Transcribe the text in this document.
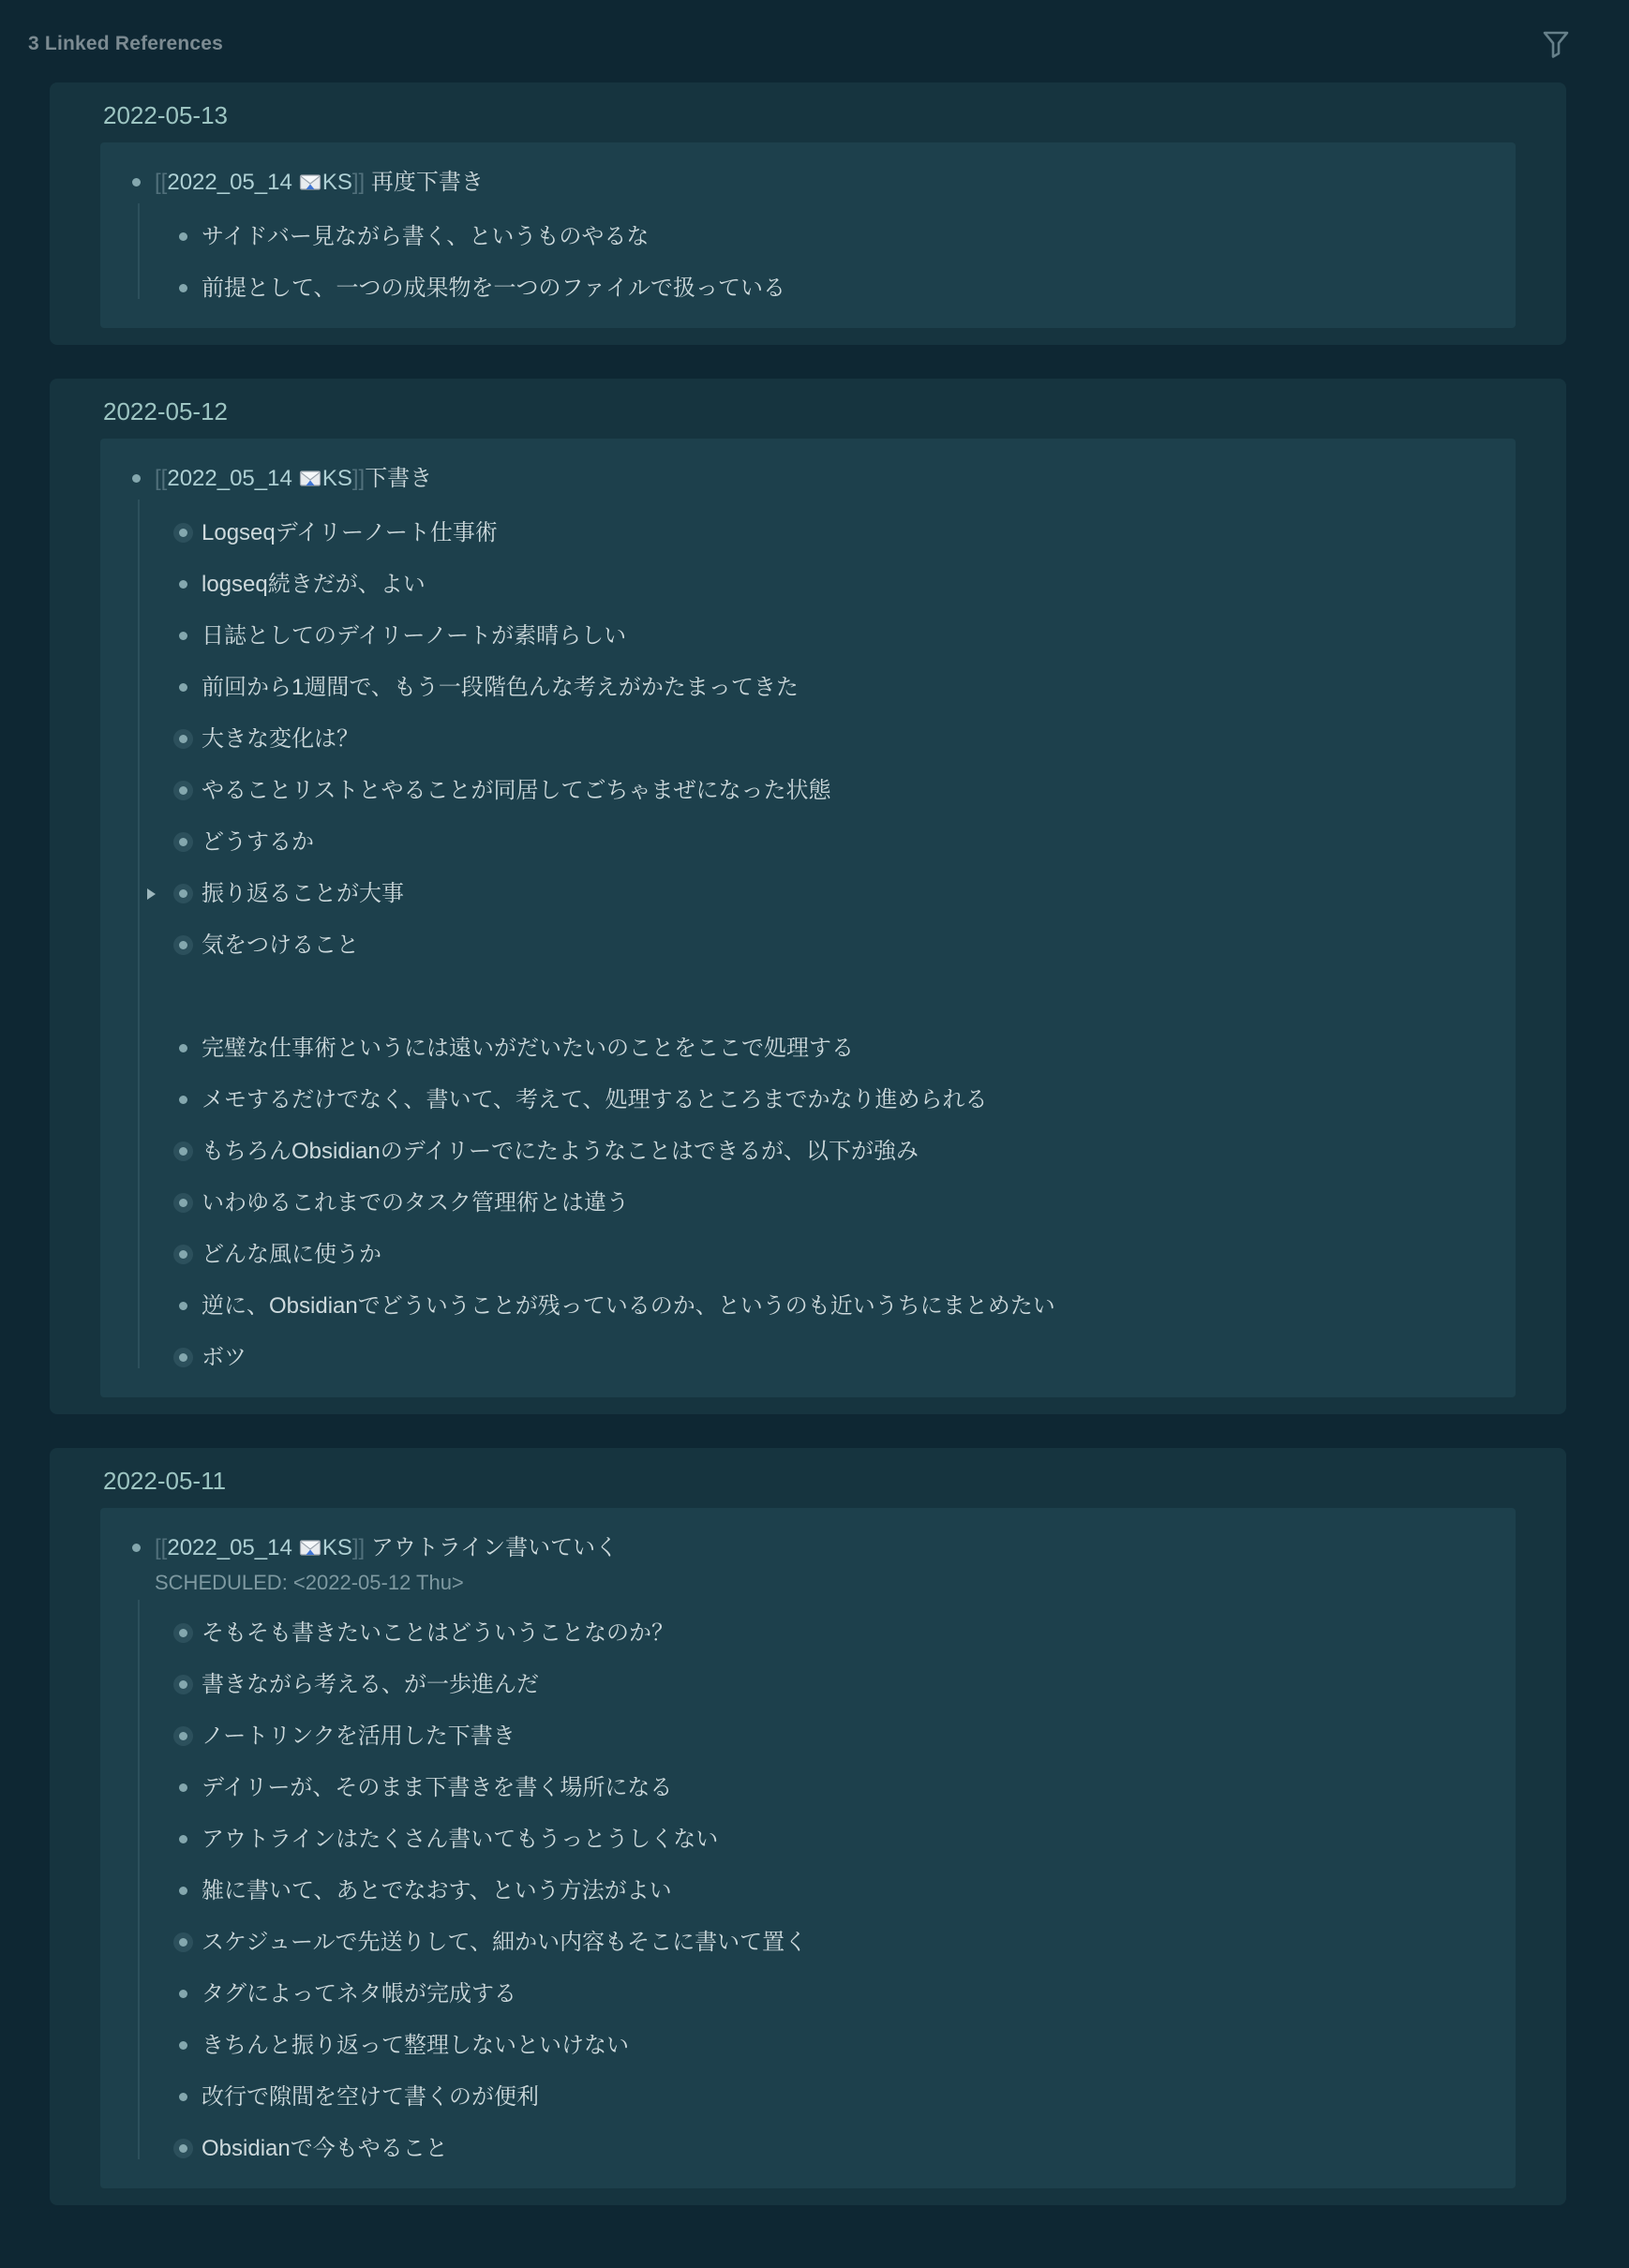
3 Linked References
2022-05-13
[[2022_05_14 KS]] 再度下書き
サイドバー見ながら書く、というものやるな
前提として、一つの成果物を一つのファイルで扱っている
2022-05-12
[[2022_05_14 KS]]下書き
Logseqデイリーノート仕事術
logseq続きだが、よい
日誌としてのデイリーノートが素晴らしい
前回から1週間で、もう一段階色んな考えがかたまってきた
大きな変化は？
やることリストとやることが同居してごちゃまぜになった状態
どうするか
振り返ることが大事
気をつけること
完璧な仕事術というには遠いがだいたいのことをここで処理する
メモするだけでなく、書いて、考えて、処理するところまでかなり進められる
もちろんObsidianのデイリーでにたようなことはできるが、以下が強み
いわゆるこれまでのタスク管理術とは違う
どんな風に使うか
逆に、Obsidianでどういうことが残っているのか、というのも近いうちにまとめたい
ボツ
2022-05-11
[[2022_05_14 KS]] アウトライン書いていく
SCHEDULED: <2022-05-12 Thu>
そもそも書きたいことはどういうことなのか？
書きながら考える、が一歩進んだ
ノートリンクを活用した下書き
デイリーが、そのまま下書きを書く場所になる
アウトラインはたくさん書いてもうっとうしくない
雑に書いて、あとでなおす、という方法がよい
スケジュールで先送りして、細かい内容もそこに書いて置く
タグによってネタ帳が完成する
きちんと振り返って整理しないといけない
改行で隙間を空けて書くのが便利
Obsidianで今もやること
